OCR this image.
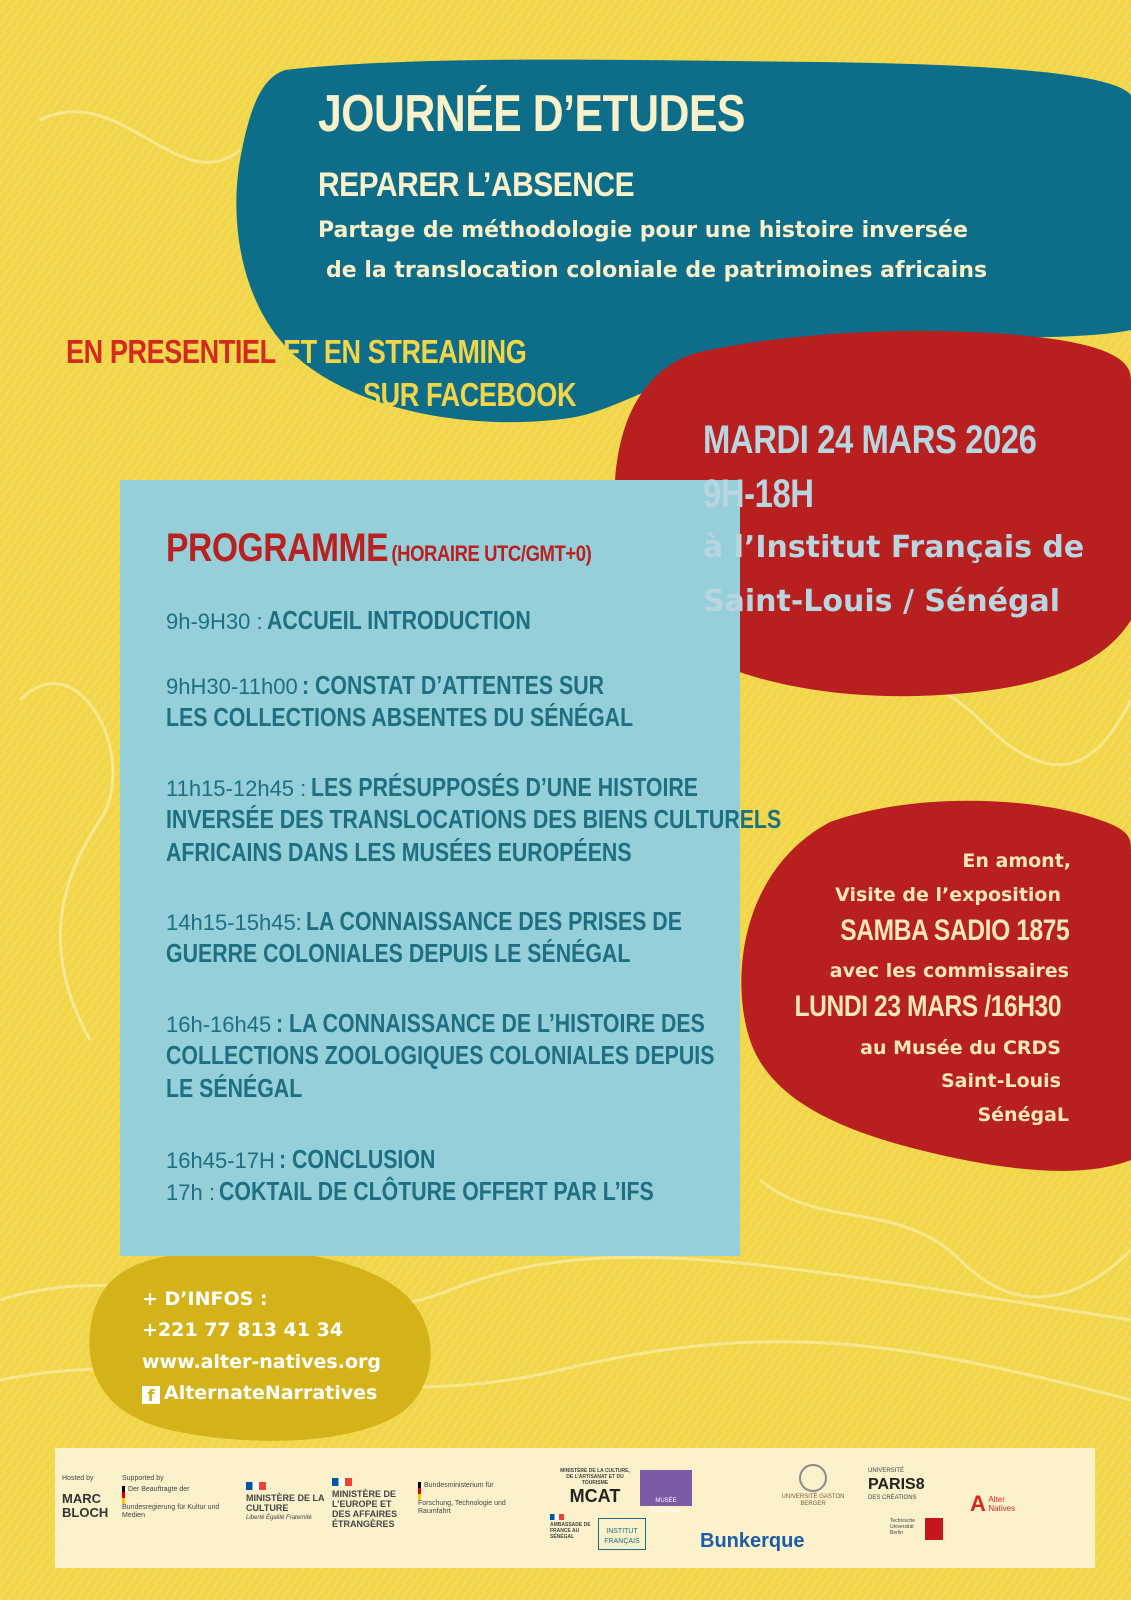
JOURNÉE D’ETUDES
REPARER L’ABSENCE
Partage de méthodologie pour une histoire inversée
de la translocation coloniale de patrimoines africains
EN PRESENTIEL ET EN STREAMING
SUR FACEBOOK
MARDI 24 MARS 2026
9H-18H
à l’Institut Français de
Saint-Louis / Sénégal
PROGRAMME (HORAIRE UTC/GMT+0)
9h-9H30 : ACCUEIL INTRODUCTION
9hH30-11h00 : CONSTAT D’ATTENTES SUR
LES COLLECTIONS ABSENTES DU SÉNÉGAL
11h15-12h45 : LES PRÉSUPPOSÉS D’UNE HISTOIRE
INVERSÉE DES TRANSLOCATIONS DES BIENS CULTURELS
AFRICAINS DANS LES MUSÉES EUROPÉENS
14h15-15h45: LA CONNAISSANCE DES PRISES DE
GUERRE COLONIALES DEPUIS LE SÉNÉGAL
16h-16h45 : LA CONNAISSANCE DE L’HISTOIRE DES
COLLECTIONS ZOOLOGIQUES COLONIALES DEPUIS
LE SÉNÉGAL
16h45-17H : CONCLUSION
17h : COKTAIL DE CLÔTURE OFFERT PAR L’IFS
En amont,
Visite de l’exposition
SAMBA SADIO 1875
avec les commissaires
LUNDI 23 MARS /16H30
au Musée du CRDS
Saint-Louis
SénégaL
+ D’INFOS :
+221 77 813 41 34
www.alter-natives.org
f AlternateNarratives
Hosted by
MARC BLOCH
Supported by
Der Beauftragte der Bundesregierung für Kultur und Medien
MINISTÈRE DE LA CULTURE
Liberté Égalité Fraternité
MINISTÈRE DE L’EUROPE ET DES AFFAIRES ÉTRANGÈRES
Bundesministerium für Forschung, Technologie und Raumfahrt
MINISTÈRE DE LA CULTURE, DE L’ARTISANAT ET DU TOURISME
MCAT	MUSÉE RÉGIONAL
AMBASSADE DE FRANCE AU SÉNÉGAL
INSTITUT FRANÇAIS	Bunkerque
UNIVERSITÉ GASTON BERGER
UNIVERSITÉ
PARIS8
DES CRÉATIONS
Technische Universität Berlin
A Alter Natives
